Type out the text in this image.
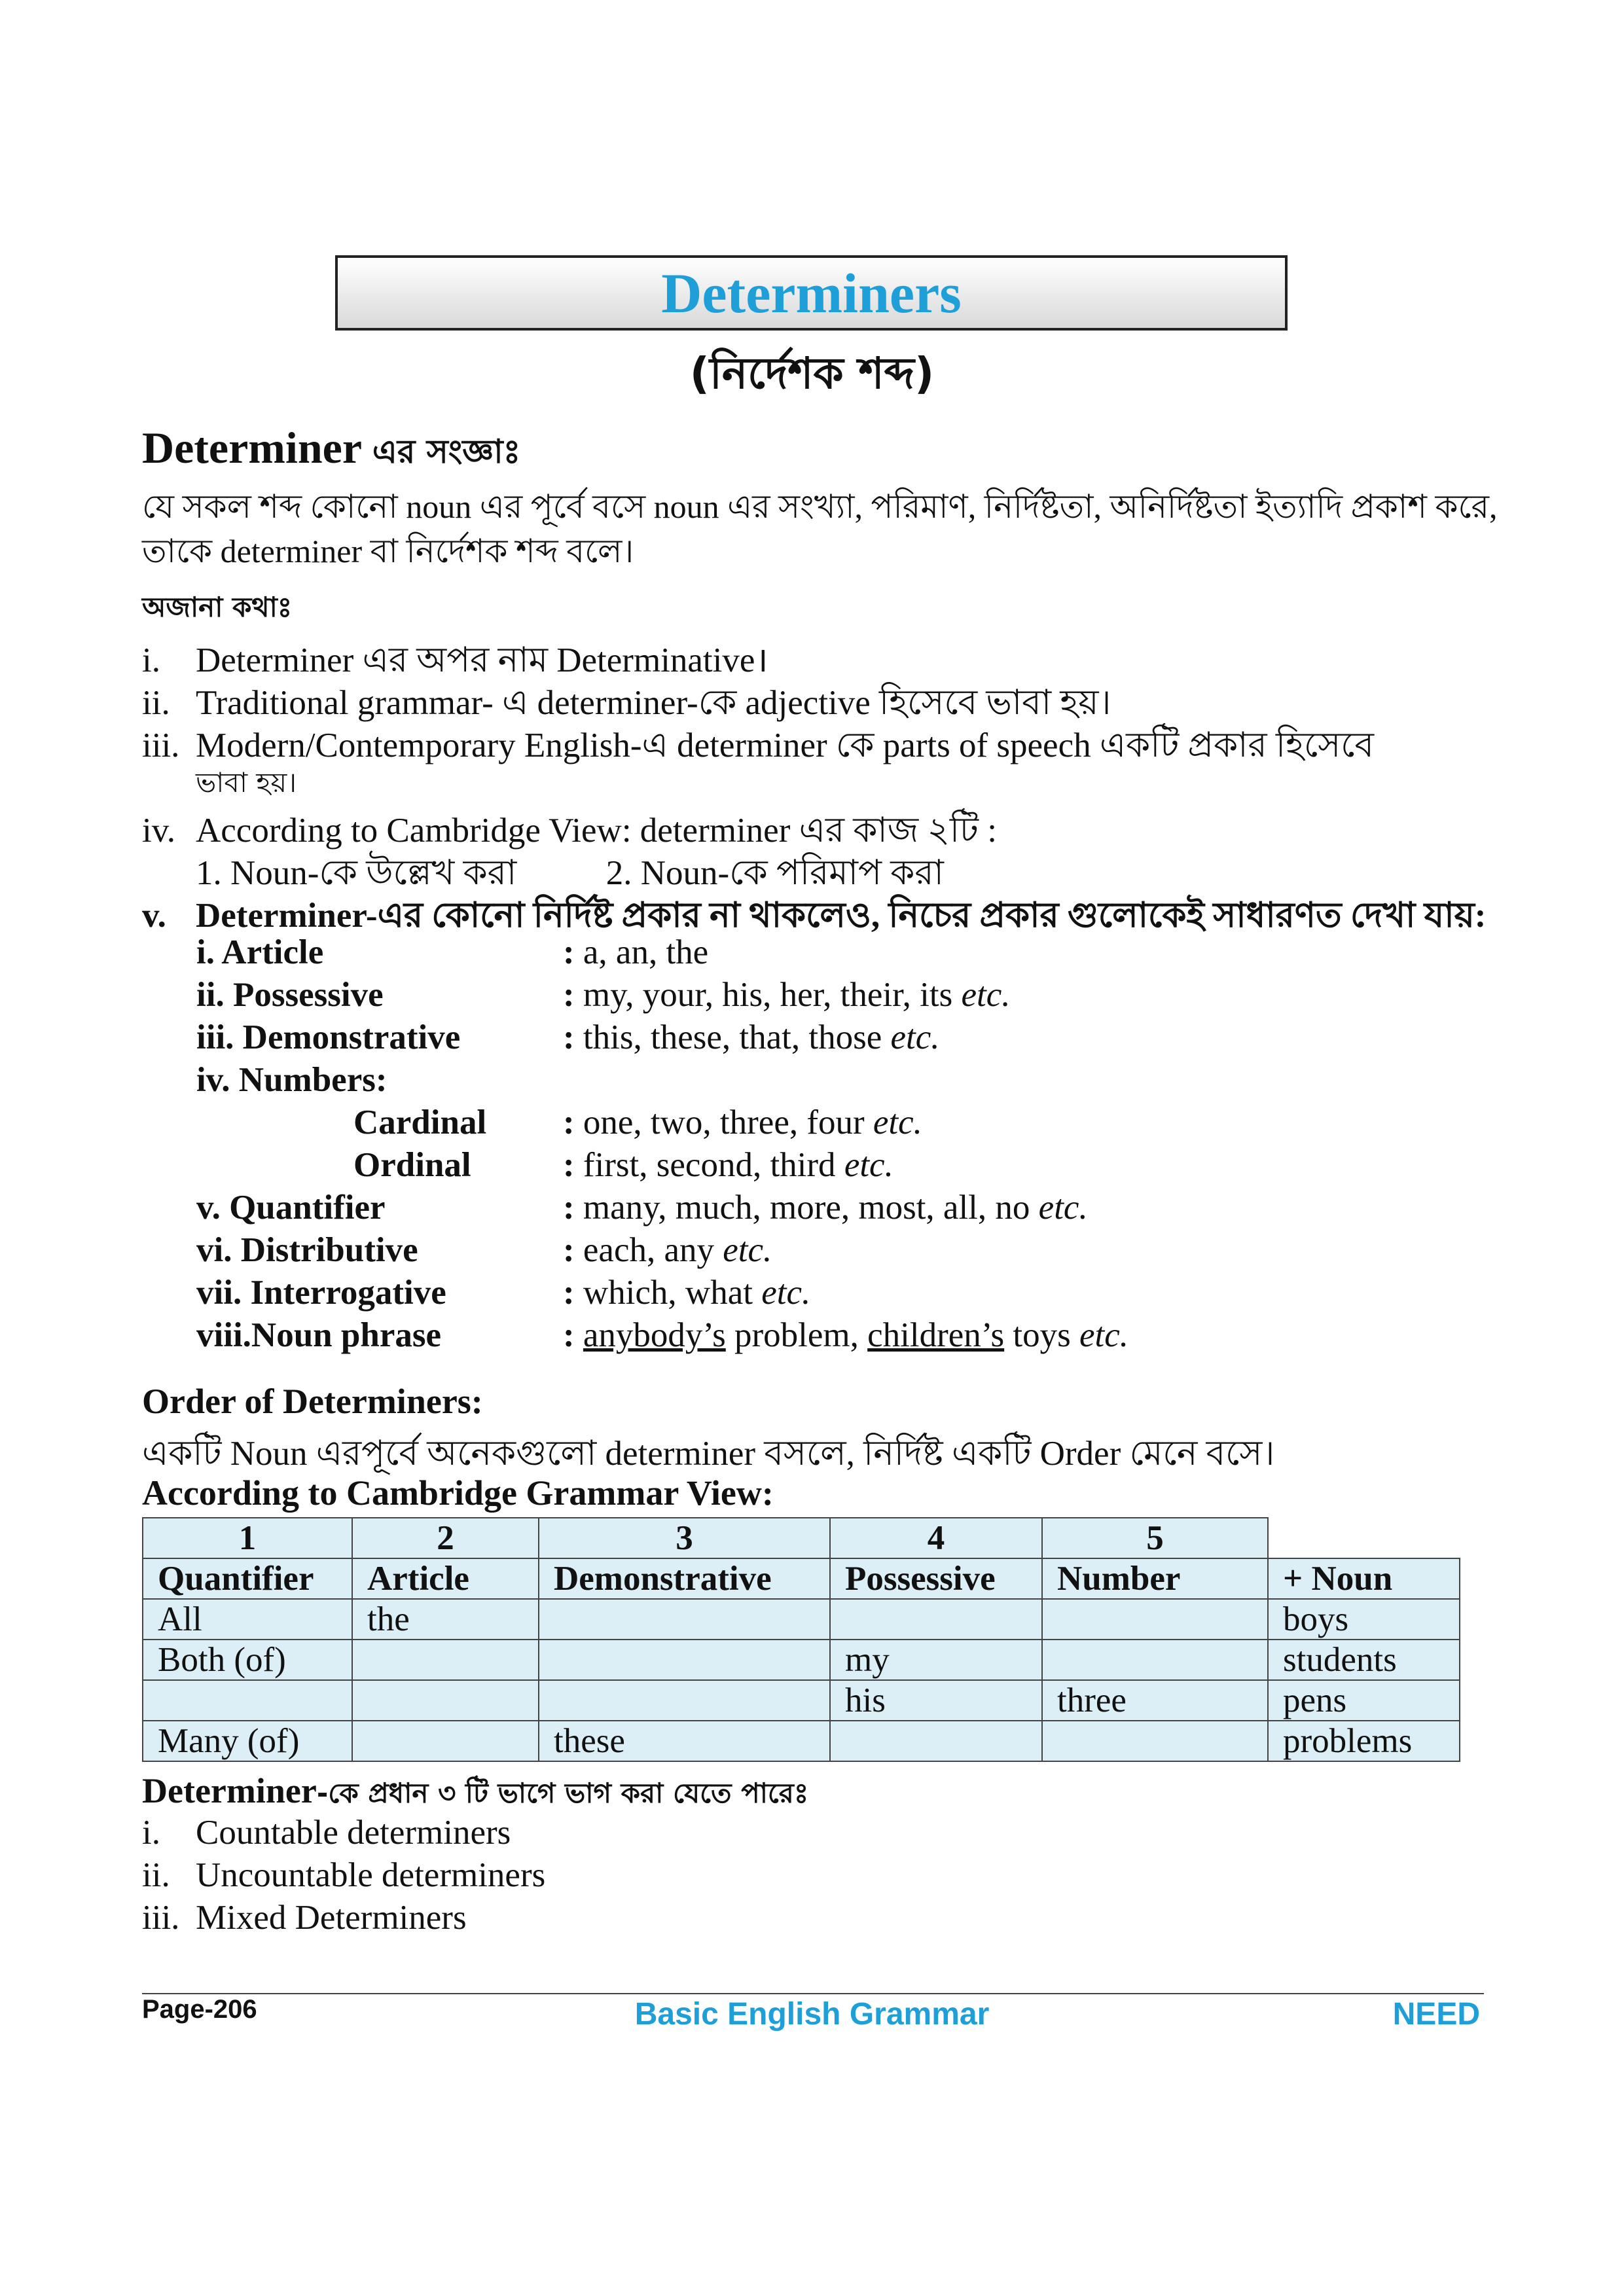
Determiners
(নির্দেশক শব্দ)
Determiner এর সংজ্ঞাঃ
যে সকল শব্দ কোনো noun এর পূর্বে বসে noun এর সংখ্যা, পরিমাণ, নির্দিষ্টতা, অনির্দিষ্টতা ইত্যাদি প্রকাশ করে,
তাকে determiner বা নির্দেশক শব্দ বলে।
অজানা কথাঃ
i. Determiner এর অপর নাম Determinative।
ii. Traditional grammar- এ determiner-কে adjective হিসেবে ভাবা হয়।
iii. Modern/Contemporary English-এ determiner কে parts of speech একটি প্রকার হিসেবে
ভাবা হয়।
iv. According to Cambridge View: determiner এর কাজ ২টি :
1. Noun-কে উল্লেখ করা	2. Noun-কে পরিমাপ করা
v. Determiner-এর কোনো নির্দিষ্ট প্রকার না থাকলেও, নিচের প্রকার গুলোকেই সাধারণত দেখা যায়:
i. Article	: a, an, the
ii. Possessive	: my, your, his, her, their, its etc.
iii. Demonstrative	: this, these, that, those etc.
iv. Numbers:
Cardinal : one, two, three, four etc.
Ordinal	: first, second, third etc.
v. Quantifier	: many, much, more, most, all, no etc.
vi. Distributive	: each, any etc.
vii. Interrogative	: which, what etc.
viii.Noun phrase	: anybody’s problem, children’s toys etc.
Order of Determiners:
একটি Noun এরপূর্বে অনেকগুলো determiner বসলে, নির্দিষ্ট একটি Order মেনে বসে।
According to Cambridge Grammar View:
1	2	3	4	5	
Quantifier	Article	Demonstrative	Possessive	Number	+ Noun
All	the				boys
Both (of)			my		students
			his	three	pens
Many (of)		these			problems
Determiner-কে প্রধান ৩ টি ভাগে ভাগ করা যেতে পারেঃ
i. Countable determiners
ii. Uncountable determiners
iii. Mixed Determiners
Page-206	Basic English Grammar	NEED
